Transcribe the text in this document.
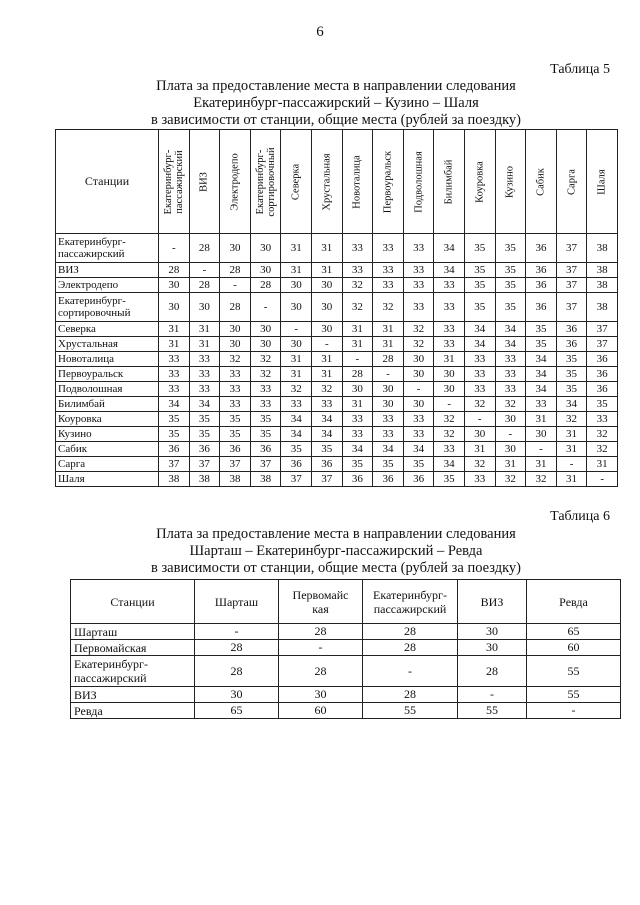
6
Таблица 5
Плата за предоставление места в направлении следования
Екатеринбург-пассажирский – Кузино – Шаля
в зависимости от станции, общие места (рублей за поездку)
Станции	Екатеринбург-
пассажирский	ВИЗ	Электродепо	Екатеринбург-
сортировочный	Северка	Хрустальная	Новоталица	Первоуральск	Подволошная	Билимбай	Коуровка	Кузино	Сабик	Сарга	Шаля

Екатеринбург-
пассажирский	-	28	30	30	31	31	33	33	33	34	35	35	36	37	38
ВИЗ	28	-	28	30	31	31	33	33	33	34	35	35	36	37	38
Электродепо	30	28	-	28	30	30	32	33	33	33	35	35	36	37	38
Екатеринбург-
сортировочный	30	30	28	-	30	30	32	32	33	33	35	35	36	37	38
Северка	31	31	30	30	-	30	31	31	32	33	34	34	35	36	37
Хрустальная	31	31	30	30	30	-	31	31	32	33	34	34	35	36	37
Новоталица	33	33	32	32	31	31	-	28	30	31	33	33	34	35	36
Первоуральск	33	33	33	32	31	31	28	-	30	30	33	33	34	35	36
Подволошная	33	33	33	33	32	32	30	30	-	30	33	33	34	35	36
Билимбай	34	34	33	33	33	33	31	30	30	-	32	32	33	34	35
Коуровка	35	35	35	35	34	34	33	33	33	32	-	30	31	32	33
Кузино	35	35	35	35	34	34	33	33	33	32	30	-	30	31	32
Сабик	36	36	36	36	35	35	34	34	34	33	31	30	-	31	32
Сарга	37	37	37	37	36	36	35	35	35	34	32	31	31	-	31
Шаля	38	38	38	38	37	37	36	36	36	35	33	32	32	31	-
Таблица 6
Плата за предоставление места в направлении следования
Шарташ – Екатеринбург-пассажирский – Ревда
в зависимости от станции, общие места (рублей за поездку)
Станции	Шарташ	Первомайс
кая	Екатеринбург-
пассажирский	ВИЗ	Ревда
Шарташ	-	28	28	30	65
Первомайская	28	-	28	30	60
Екатеринбург-
пассажирский	28	28	-	28	55
ВИЗ	30	30	28	-	55
Ревда	65	60	55	55	-
